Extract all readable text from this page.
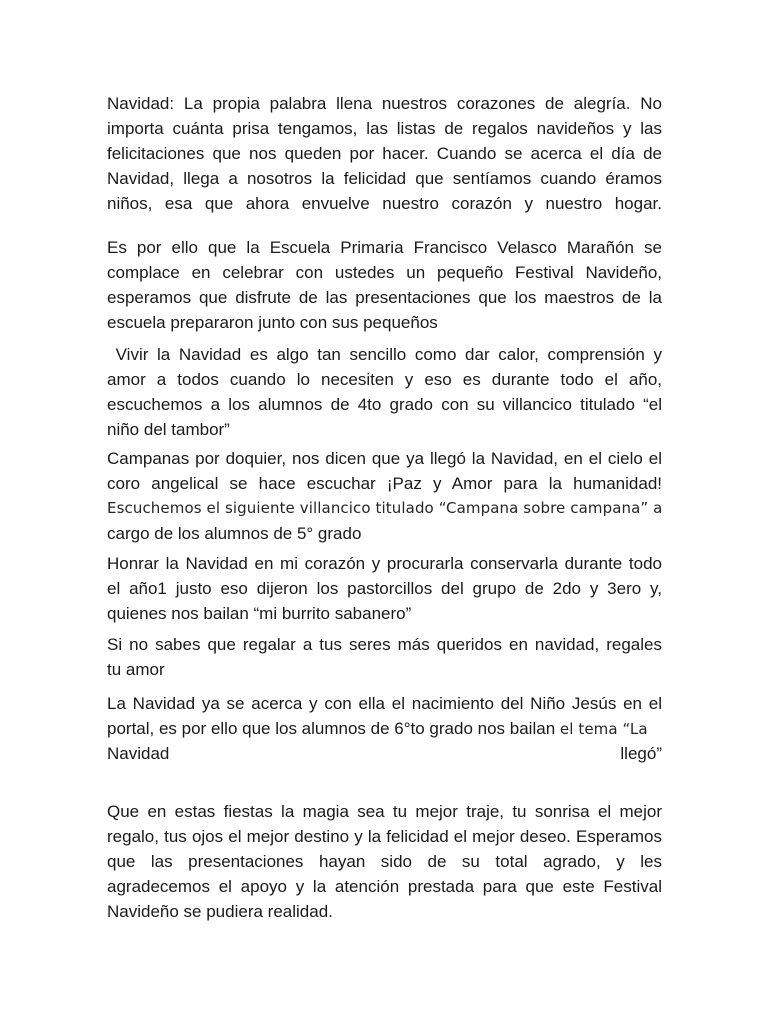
Navidad: La propia palabra llena nuestros corazones de alegría. No
importa cuánta prisa tengamos, las listas de regalos navideños y las
felicitaciones que nos queden por hacer. Cuando se acerca el día de
Navidad, llega a nosotros la felicidad que sentíamos cuando éramos
niños, esa que ahora envuelve nuestro corazón y nuestro hogar.

Es por ello que la Escuela Primaria Francisco Velasco Marañón se
complace en celebrar con ustedes un pequeño Festival Navideño,
esperamos que disfrute de las presentaciones que los maestros de la
escuela prepararon junto con sus pequeños

Vivir la Navidad es algo tan sencillo como dar calor, comprensión y
amor a todos cuando lo necesiten y eso es durante todo el año,
escuchemos a los alumnos de 4to grado con su villancico titulado “el
niño del tambor”

Campanas por doquier, nos dicen que ya llegó la Navidad, en el cielo el
coro angelical se hace escuchar ¡Paz y Amor para la humanidad!
Escuchemos el siguiente villancico titulado “Campana sobre campana” a
cargo de los alumnos de 5° grado

Honrar la Navidad en mi corazón y procurarla conservarla durante todo
el año1 justo eso dijeron los pastorcillos del grupo de 2do y 3ero y,
quienes nos bailan “mi burrito sabanero”

Si no sabes que regalar a tus seres más queridos en navidad, regales
tu amor

La Navidad ya se acerca y con ella el nacimiento del Niño Jesús en el
portal, es por ello que los alumnos de 6°to grado nos bailan el tema “La
Navidad	llegó”

Que en estas fiestas la magia sea tu mejor traje, tu sonrisa el mejor
regalo, tus ojos el mejor destino y la felicidad el mejor deseo. Esperamos
que las presentaciones hayan sido de su total agrado, y les
agradecemos el apoyo y la atención prestada para que este Festival
Navideño se pudiera realidad.
